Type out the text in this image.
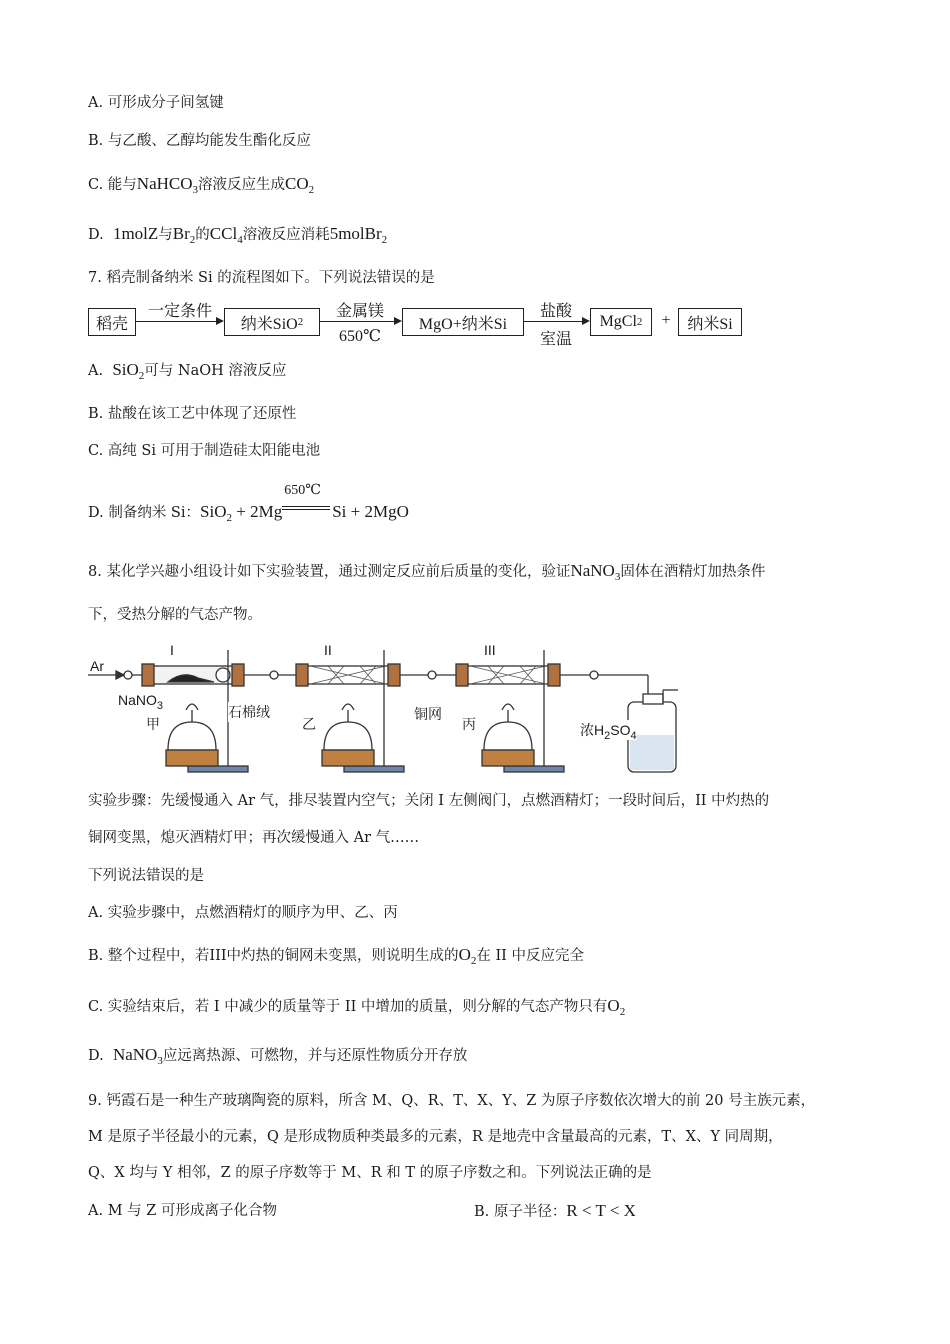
A. 可形成分子间氢键
B. 与乙酸、乙醇均能发生酯化反应
C. 能与NaHCO$_3$溶液反应生成$CO_2$
D. 1molZ与$Br_2$的CCl$_4$溶液反应消耗5molBr$_2$
7. 稻壳制备纳米 Si 的流程图如下。下列说法错误的是
稻壳
一定条件
纳米SiO 2
金属镁
650℃
MgO+纳米Si
盐酸
室温
MgCl 2	+	纳米Si
A. SiO$_2$可与 NaOH 溶液反应
B. 盐酸在该工艺中体现了还原性
C. 高纯 Si 可用于制造硅太阳能电池
D. 制备纳米 Si：SiO$_2$ + 2Mg
650℃
Si + 2MgO
8. 某化学兴趣小组设计如下实验装置，通过测定反应前后质量的变化，验证NaNO$_3$固体在酒精灯加热条件
下，受热分解的气态产物。
Ar
I	II	III
NaNO$_3$	石棉绒	铜网
甲	乙	丙	浓$H_2SO_4$
实验步骤：先缓慢通入 Ar 气，排尽装置内空气；关闭 I 左侧阀门，点燃酒精灯；一段时间后，II 中灼热的
铜网变黑，熄灭酒精灯甲；再次缓慢通入 Ar 气……
下列说法错误的是
A. 实验步骤中，点燃酒精灯的顺序为甲、乙、丙
B. 整个过程中，若III中灼热的铜网未变黑，则说明生成的$O_2$在 II 中反应完全
C. 实验结束后，若 I 中减少的质量等于 II 中增加的质量，则分解的气态产物只有$O_2$
D. NaNO$_3$应远离热源、可燃物，并与还原性物质分开存放
9. 钙霞石是一种生产玻璃陶瓷的原料，所含 M、Q、R、T、X、Y、Z 为原子序数依次增大的前 20 号主族元素，
M 是原子半径最小的元素，Q 是形成物质种类最多的元素，R 是地壳中含量最高的元素，T、X、Y 同周期，
Q、X 均与 Y 相邻，Z 的原子序数等于 M、R 和 T 的原子序数之和。下列说法正确的是
A. M 与 Z 可形成离子化合物	B. 原子半径：R < T < X
